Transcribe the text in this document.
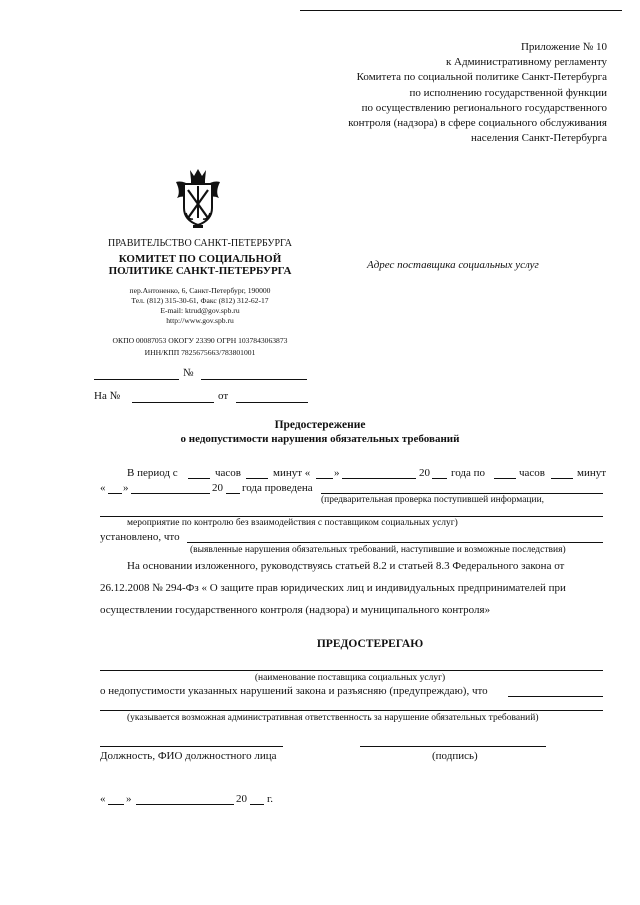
Приложение № 10
к Административному регламенту
Комитета по социальной политике Санкт-Петербурга
по исполнению государственной функции
по осуществлению регионального государственного
контроля (надзора) в сфере социального обслуживания
населения Санкт-Петербурга
ПРАВИТЕЛЬСТВО САНКТ-ПЕТЕРБУРГА
КОМИТЕТ ПО СОЦИАЛЬНОЙ
ПОЛИТИКЕ САНКТ-ПЕТЕРБУРГА
пер.Антоненко, 6, Санкт-Петербург, 190000
Тел. (812) 315-30-61, Факс (812) 312-62-17
E-mail: ktrud@gov.spb.ru
http://www.gov.spb.ru
ОКПО 00087053 ОКОГУ 23390 ОГРН 1037843063873
ИНН/КПП 7825675663/783801001
№
На №	от
Адрес поставщика социальных услуг
Предостережение
о недопустимости нарушения обязательных требований
В период с	часов	минут « »	20 года по	часов	минут
« »	20 года проведена
(предварительная проверка поступившей информации,
мероприятие по контролю без взаимодействия с поставщиком социальных услуг)
установлено, что
(выявленные нарушения обязательных требований, наступившие и возможные последствия)
На основании изложенного, руководствуясь статьей 8.2 и статьей 8.3 Федерального закона от
26.12.2008 № 294-Фз « О защите прав юридических лиц и индивидуальных предпринимателей при
осуществлении государственного контроля (надзора) и муниципального контроля»
ПРЕДОСТЕРЕГАЮ
(наименование поставщика социальных услуг)
о недопустимости указанных нарушений закона и разъясняю (предупреждаю), что
(указывается возможная административная ответственность за нарушение обязательных требований)
Должность, ФИО должностного лица	(подпись)
« »	20 г.
